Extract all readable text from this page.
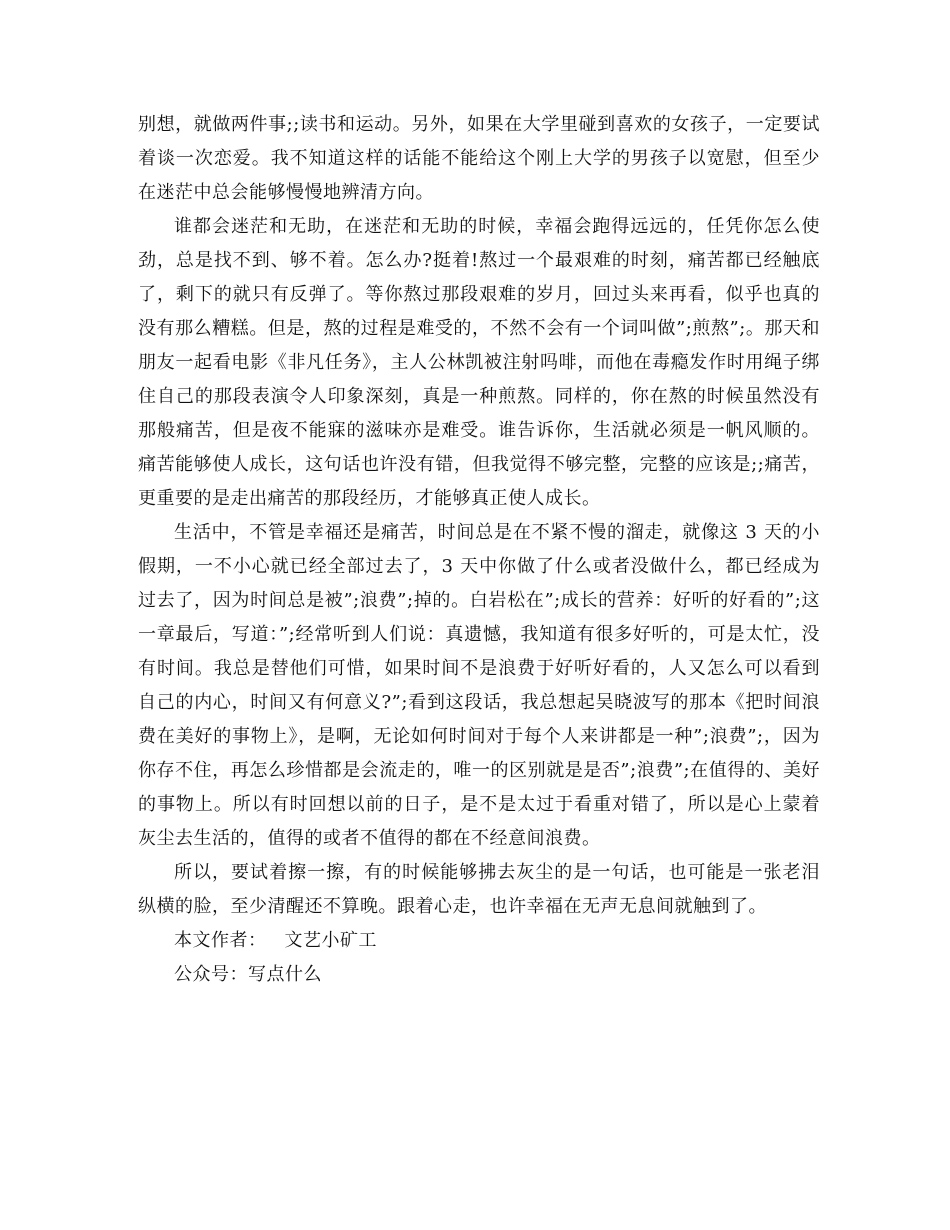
别想，就做两件事;;读书和运动。另外，如果在大学里碰到喜欢的女孩子，一定要试着谈一次恋爱。我不知道这样的话能不能给这个刚上大学的男孩子以宽慰，但至少在迷茫中总会能够慢慢地辨清方向。

谁都会迷茫和无助，在迷茫和无助的时候，幸福会跑得远远的，任凭你怎么使劲，总是找不到、够不着。怎么办?挺着!熬过一个最艰难的时刻，痛苦都已经触底了，剩下的就只有反弹了。等你熬过那段艰难的岁月，回过头来再看，似乎也真的没有那么糟糕。但是，熬的过程是难受的，不然不会有一个词叫做”;煎熬”;。那天和朋友一起看电影《非凡任务》，主人公林凯被注射吗啡，而他在毒瘾发作时用绳子绑住自己的那段表演令人印象深刻，真是一种煎熬。同样的，你在熬的时候虽然没有那般痛苦，但是夜不能寐的滋味亦是难受。谁告诉你，生活就必须是一帆风顺的。痛苦能够使人成长，这句话也许没有错，但我觉得不够完整，完整的应该是;;痛苦，更重要的是走出痛苦的那段经历，才能够真正使人成长。

生活中，不管是幸福还是痛苦，时间总是在不紧不慢的溜走，就像这 3 天的小假期，一不小心就已经全部过去了，3 天中你做了什么或者没做什么，都已经成为过去了，因为时间总是被”;浪费”;掉的。白岩松在”;成长的营养：好听的好看的”;这一章最后，写道：”;经常听到人们说：真遗憾，我知道有很多好听的，可是太忙，没有时间。我总是替他们可惜，如果时间不是浪费于好听好看的，人又怎么可以看到自己的内心，时间又有何意义?”;看到这段话，我总想起吴晓波写的那本《把时间浪费在美好的事物上》，是啊，无论如何时间对于每个人来讲都是一种”;浪费”;，因为你存不住，再怎么珍惜都是会流走的，唯一的区别就是是否”;浪费”;在值得的、美好的事物上。所以有时回想以前的日子，是不是太过于看重对错了，所以是心上蒙着灰尘去生活的，值得的或者不值得的都在不经意间浪费。

所以，要试着擦一擦，有的时候能够拂去灰尘的是一句话，也可能是一张老泪纵横的脸，至少清醒还不算晚。跟着心走，也许幸福在无声无息间就触到了。

本文作者： 文艺小矿工

公众号：写点什么
